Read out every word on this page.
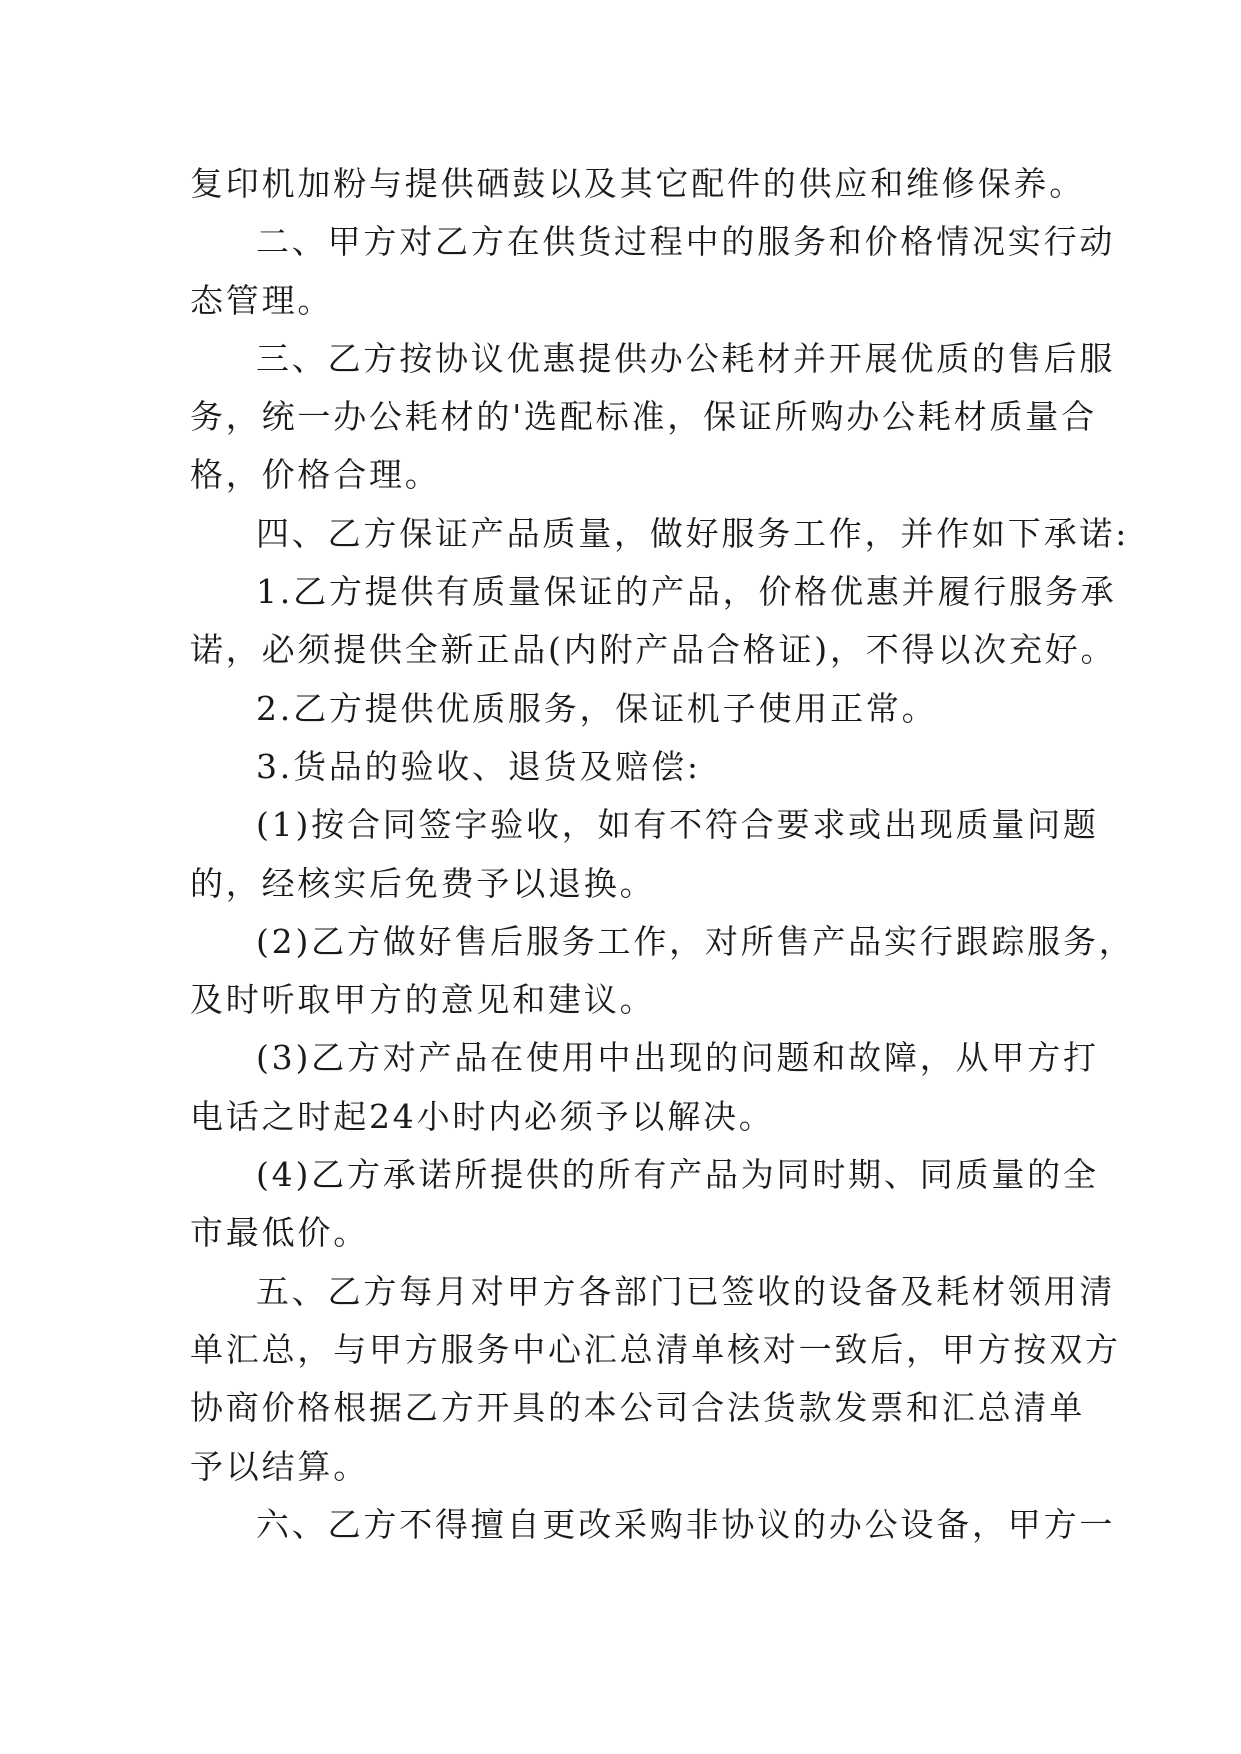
复印机加粉与提供硒鼓以及其它配件的供应和维修保养。
二、甲方对乙方在供货过程中的服务和价格情况实行动
态管理。
三、乙方按协议优惠提供办公耗材并开展优质的售后服
务，统一办公耗材的'选配标准，保证所购办公耗材质量合
格，价格合理。
四、乙方保证产品质量，做好服务工作，并作如下承诺:
1.乙方提供有质量保证的产品，价格优惠并履行服务承
诺，必须提供全新正品(内附产品合格证)，不得以次充好。
2.乙方提供优质服务，保证机子使用正常。
3.货品的验收、退货及赔偿:
(1)按合同签字验收，如有不符合要求或出现质量问题
的，经核实后免费予以退换。
(2)乙方做好售后服务工作，对所售产品实行跟踪服务，
及时听取甲方的意见和建议。
(3)乙方对产品在使用中出现的问题和故障，从甲方打
电话之时起24小时内必须予以解决。
(4)乙方承诺所提供的所有产品为同时期、同质量的全
市最低价。
五、乙方每月对甲方各部门已签收的设备及耗材领用清
单汇总，与甲方服务中心汇总清单核对一致后，甲方按双方
协商价格根据乙方开具的本公司合法货款发票和汇总清单
予以结算。
六、乙方不得擅自更改采购非协议的办公设备，甲方一
